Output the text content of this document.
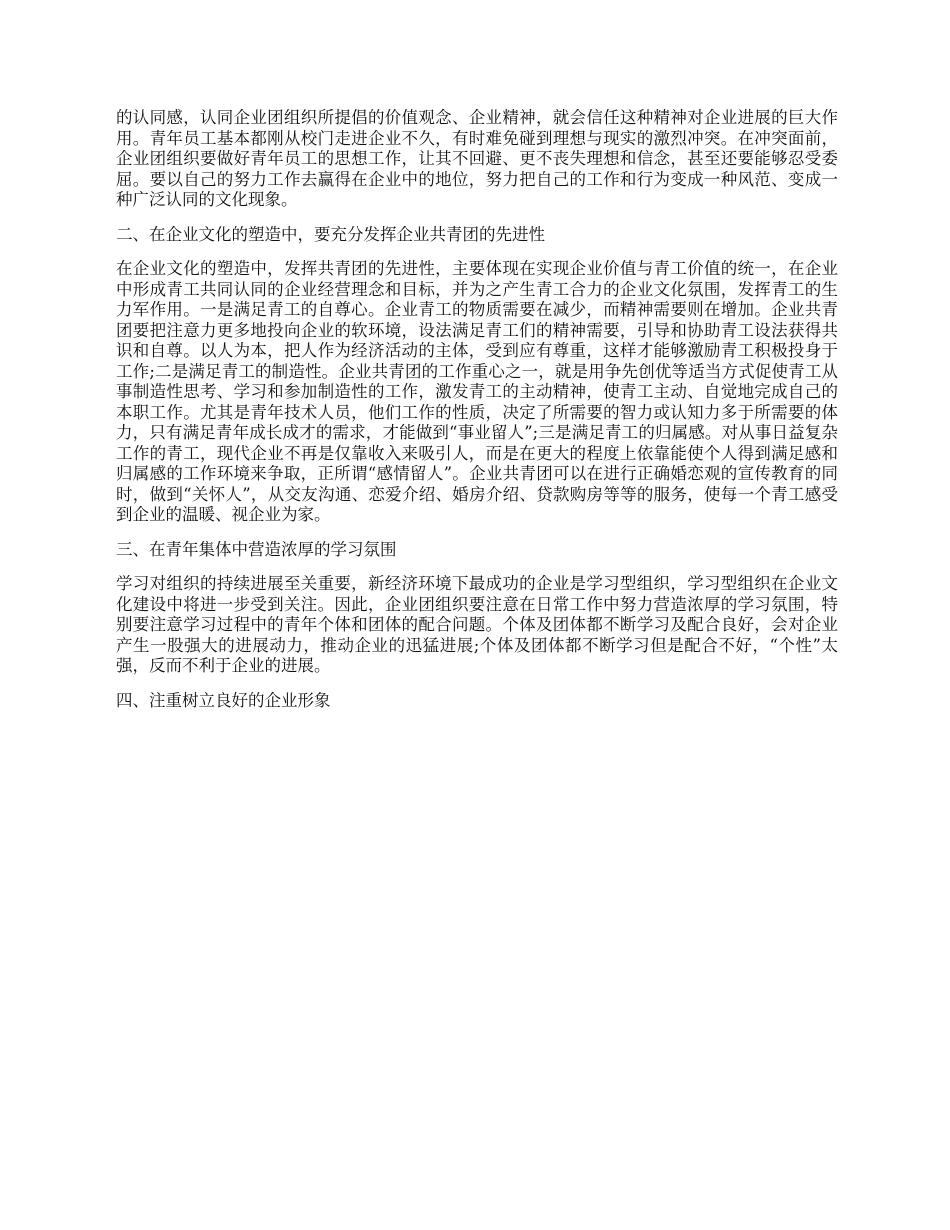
的认同感，认同企业团组织所提倡的价值观念、企业精神，就会信任这种精神对企业进展的巨大作用。青年员工基本都刚从校门走进企业不久，有时难免碰到理想与现实的激烈冲突。在冲突面前，企业团组织要做好青年员工的思想工作，让其不回避、更不丧失理想和信念，甚至还要能够忍受委屈。要以自己的努力工作去赢得在企业中的地位，努力把自己的工作和行为变成一种风范、变成一种广泛认同的文化现象。

二、在企业文化的塑造中，要充分发挥企业共青团的先进性

在企业文化的塑造中，发挥共青团的先进性，主要体现在实现企业价值与青工价值的统一，在企业中形成青工共同认同的企业经营理念和目标，并为之产生青工合力的企业文化氛围，发挥青工的生力军作用。一是满足青工的自尊心。企业青工的物质需要在减少，而精神需要则在增加。企业共青团要把注意力更多地投向企业的软环境，设法满足青工们的精神需要，引导和协助青工设法获得共识和自尊。以人为本，把人作为经济活动的主体，受到应有尊重，这样才能够激励青工积极投身于工作;二是满足青工的制造性。企业共青团的工作重心之一，就是用争先创优等适当方式促使青工从事制造性思考、学习和参加制造性的工作，激发青工的主动精神，使青工主动、自觉地完成自己的本职工作。尤其是青年技术人员，他们工作的性质，决定了所需要的智力或认知力多于所需要的体力，只有满足青年成长成才的需求，才能做到“事业留人”;三是满足青工的归属感。对从事日益复杂工作的青工，现代企业不再是仅靠收入来吸引人，而是在更大的程度上依靠能使个人得到满足感和归属感的工作环境来争取，正所谓“感情留人”。企业共青团可以在进行正确婚恋观的宣传教育的同时，做到“关怀人”，从交友沟通、恋爱介绍、婚房介绍、贷款购房等等的服务，使每一个青工感受到企业的温暖、视企业为家。

三、在青年集体中营造浓厚的学习氛围

学习对组织的持续进展至关重要，新经济环境下最成功的企业是学习型组织，学习型组织在企业文化建设中将进一步受到关注。因此，企业团组织要注意在日常工作中努力营造浓厚的学习氛围，特别要注意学习过程中的青年个体和团体的配合问题。个体及团体都不断学习及配合良好，会对企业产生一股强大的进展动力，推动企业的迅猛进展;个体及团体都不断学习但是配合不好，“个性”太强，反而不利于企业的进展。

四、注重树立良好的企业形象
